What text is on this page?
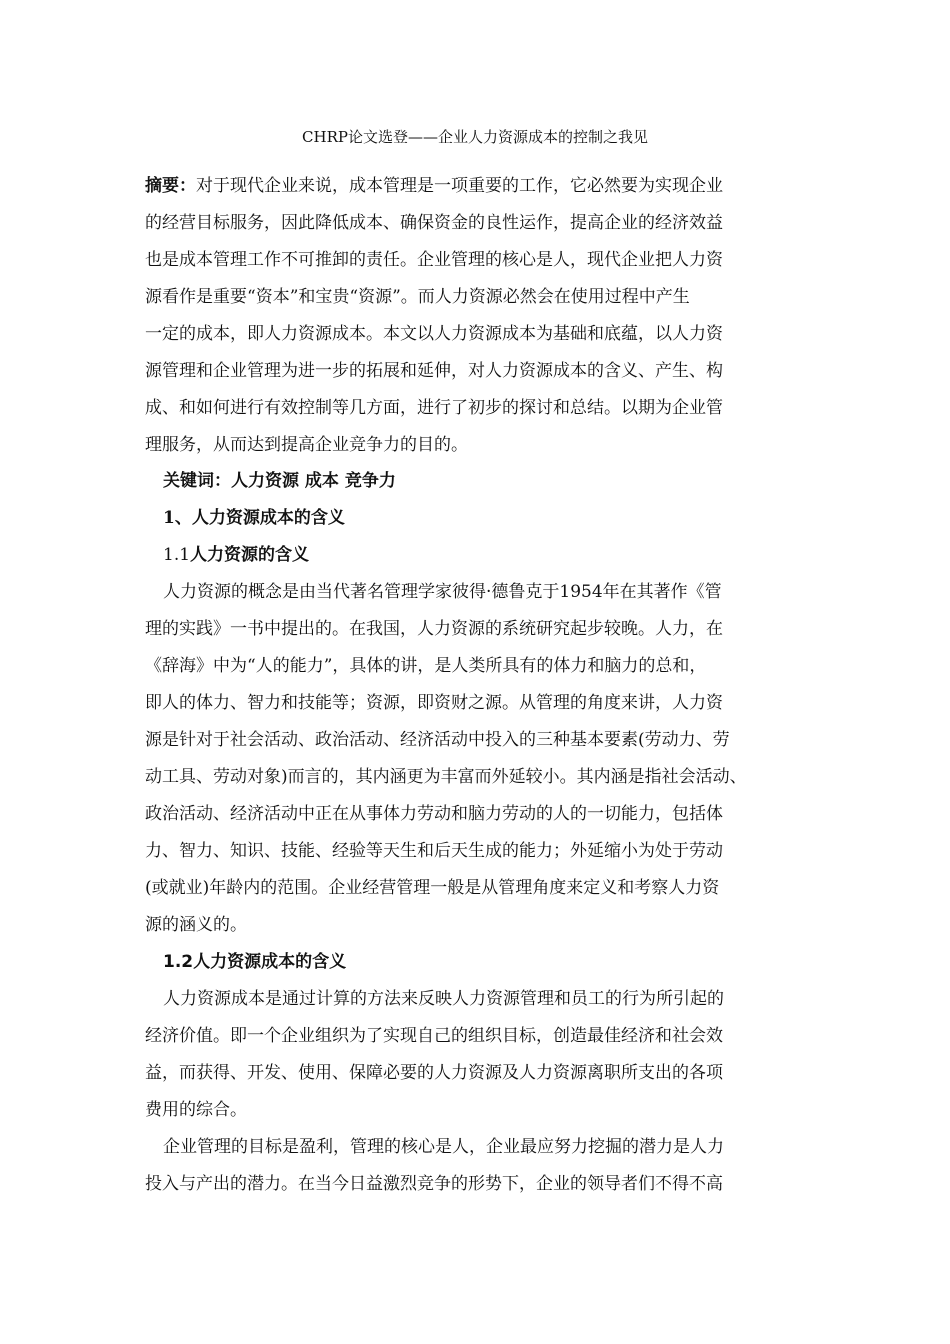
CHRP论文选登——企业人力资源成本的控制之我见
摘要：对于现代企业来说，成本管理是一项重要的工作，它必然要为实现企业
的经营目标服务，因此降低成本、确保资金的良性运作，提高企业的经济效益
也是成本管理工作不可推卸的责任。企业管理的核心是人，现代企业把人力资
源看作是重要“资本”和宝贵“资源”。而人力资源必然会在使用过程中产生
一定的成本，即人力资源成本。本文以人力资源成本为基础和底蕴，以人力资
源管理和企业管理为进一步的拓展和延伸，对人力资源成本的含义、产生、构
成、和如何进行有效控制等几方面，进行了初步的探讨和总结。以期为企业管
理服务，从而达到提高企业竞争力的目的。
关键词：人力资源 成本 竞争力
1、人力资源成本的含义
1.1人力资源的含义
人力资源的概念是由当代著名管理学家彼得·德鲁克于1954年在其著作《管
理的实践》一书中提出的。在我国，人力资源的系统研究起步较晚。人力，在
《辞海》中为“人的能力”，具体的讲，是人类所具有的体力和脑力的总和，
即人的体力、智力和技能等；资源，即资财之源。从管理的角度来讲，人力资
源是针对于社会活动、政治活动、经济活动中投入的三种基本要素(劳动力、劳
动工具、劳动对象)而言的，其内涵更为丰富而外延较小。其内涵是指社会活动、
政治活动、经济活动中正在从事体力劳动和脑力劳动的人的一切能力，包括体
力、智力、知识、技能、经验等天生和后天生成的能力；外延缩小为处于劳动
(或就业)年龄内的范围。企业经营管理一般是从管理角度来定义和考察人力资
源的涵义的。
1.2人力资源成本的含义
人力资源成本是通过计算的方法来反映人力资源管理和员工的行为所引起的
经济价值。即一个企业组织为了实现自己的组织目标，创造最佳经济和社会效
益，而获得、开发、使用、保障必要的人力资源及人力资源离职所支出的各项
费用的综合。
企业管理的目标是盈利，管理的核心是人，企业最应努力挖掘的潜力是人力
投入与产出的潜力。在当今日益激烈竞争的形势下，企业的领导者们不得不高
